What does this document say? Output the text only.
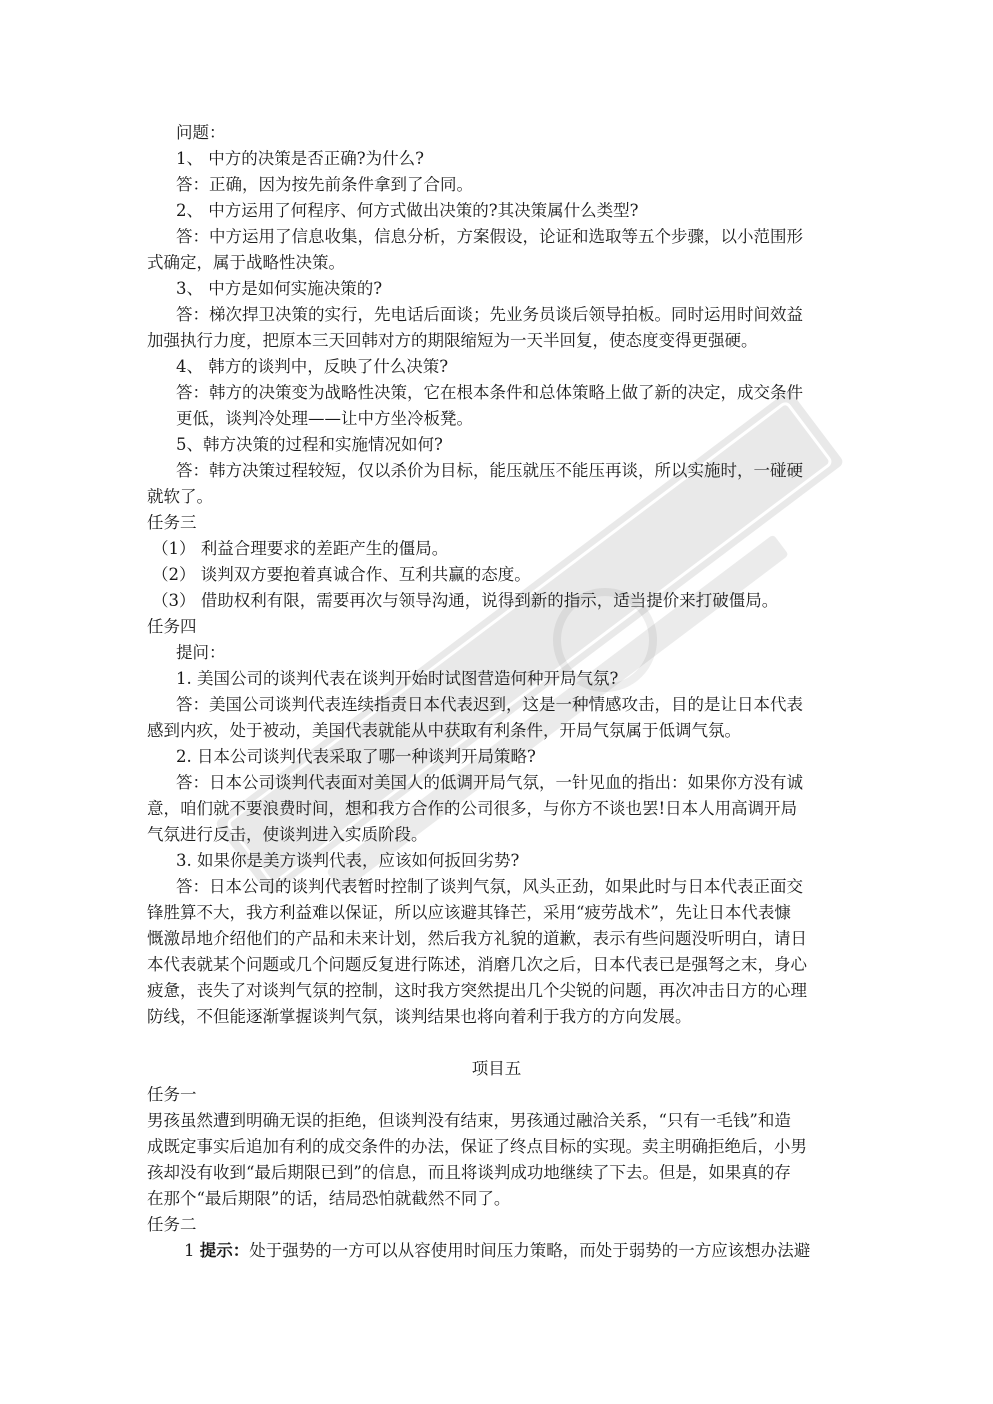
问题：
1、 中方的决策是否正确?为什么?
答：正确，因为按先前条件拿到了合同。
2、 中方运用了何程序、何方式做出决策的?其决策属什么类型?
答：中方运用了信息收集，信息分析，方案假设，论证和选取等五个步骤，以小范围形
式确定，属于战略性决策。
3、 中方是如何实施决策的?
答：梯次捍卫决策的实行，先电话后面谈；先业务员谈后领导拍板。同时运用时间效益
加强执行力度，把原本三天回韩对方的期限缩短为一天半回复，使态度变得更强硬。
4、 韩方的谈判中，反映了什么决策?
答：韩方的决策变为战略性决策，它在根本条件和总体策略上做了新的决定，成交条件
更低，谈判冷处理——让中方坐冷板凳。
5、韩方决策的过程和实施情况如何?
答：韩方决策过程较短，仅以杀价为目标，能压就压不能压再谈，所以实施时，一碰硬
就软了。
任务三
（1） 利益合理要求的差距产生的僵局。
（2） 谈判双方要抱着真诚合作、互利共赢的态度。
（3） 借助权利有限，需要再次与领导沟通，说得到新的指示，适当提价来打破僵局。
任务四
提问：
1. 美国公司的谈判代表在谈判开始时试图营造何种开局气氛?
答：美国公司谈判代表连续指责日本代表迟到，这是一种情感攻击，目的是让日本代表
感到内疚，处于被动，美国代表就能从中获取有利条件，开局气氛属于低调气氛。
2. 日本公司谈判代表采取了哪一种谈判开局策略?
答：日本公司谈判代表面对美国人的低调开局气氛，一针见血的指出：如果你方没有诚
意，咱们就不要浪费时间，想和我方合作的公司很多，与你方不谈也罢!日本人用高调开局
气氛进行反击，使谈判进入实质阶段。
3. 如果你是美方谈判代表，应该如何扳回劣势?
答：日本公司的谈判代表暂时控制了谈判气氛，风头正劲，如果此时与日本代表正面交
锋胜算不大，我方利益难以保证，所以应该避其锋芒，采用“疲劳战术”，先让日本代表慷
慨激昂地介绍他们的产品和未来计划，然后我方礼貌的道歉，表示有些问题没听明白，请日
本代表就某个问题或几个问题反复进行陈述，消磨几次之后，日本代表已是强弩之末，身心
疲惫，丧失了对谈判气氛的控制，这时我方突然提出几个尖锐的问题，再次冲击日方的心理
防线，不但能逐渐掌握谈判气氛，谈判结果也将向着利于我方的方向发展。
项目五
任务一
男孩虽然遭到明确无误的拒绝，但谈判没有结束，男孩通过融洽关系，“只有一毛钱”和造
成既定事实后追加有利的成交条件的办法，保证了终点目标的实现。卖主明确拒绝后，小男
孩却没有收到“最后期限已到”的信息，而且将谈判成功地继续了下去。但是，如果真的存
在那个“最后期限”的话，结局恐怕就截然不同了。
任务二
1 提示：处于强势的一方可以从容使用时间压力策略，而处于弱势的一方应该想办法避
